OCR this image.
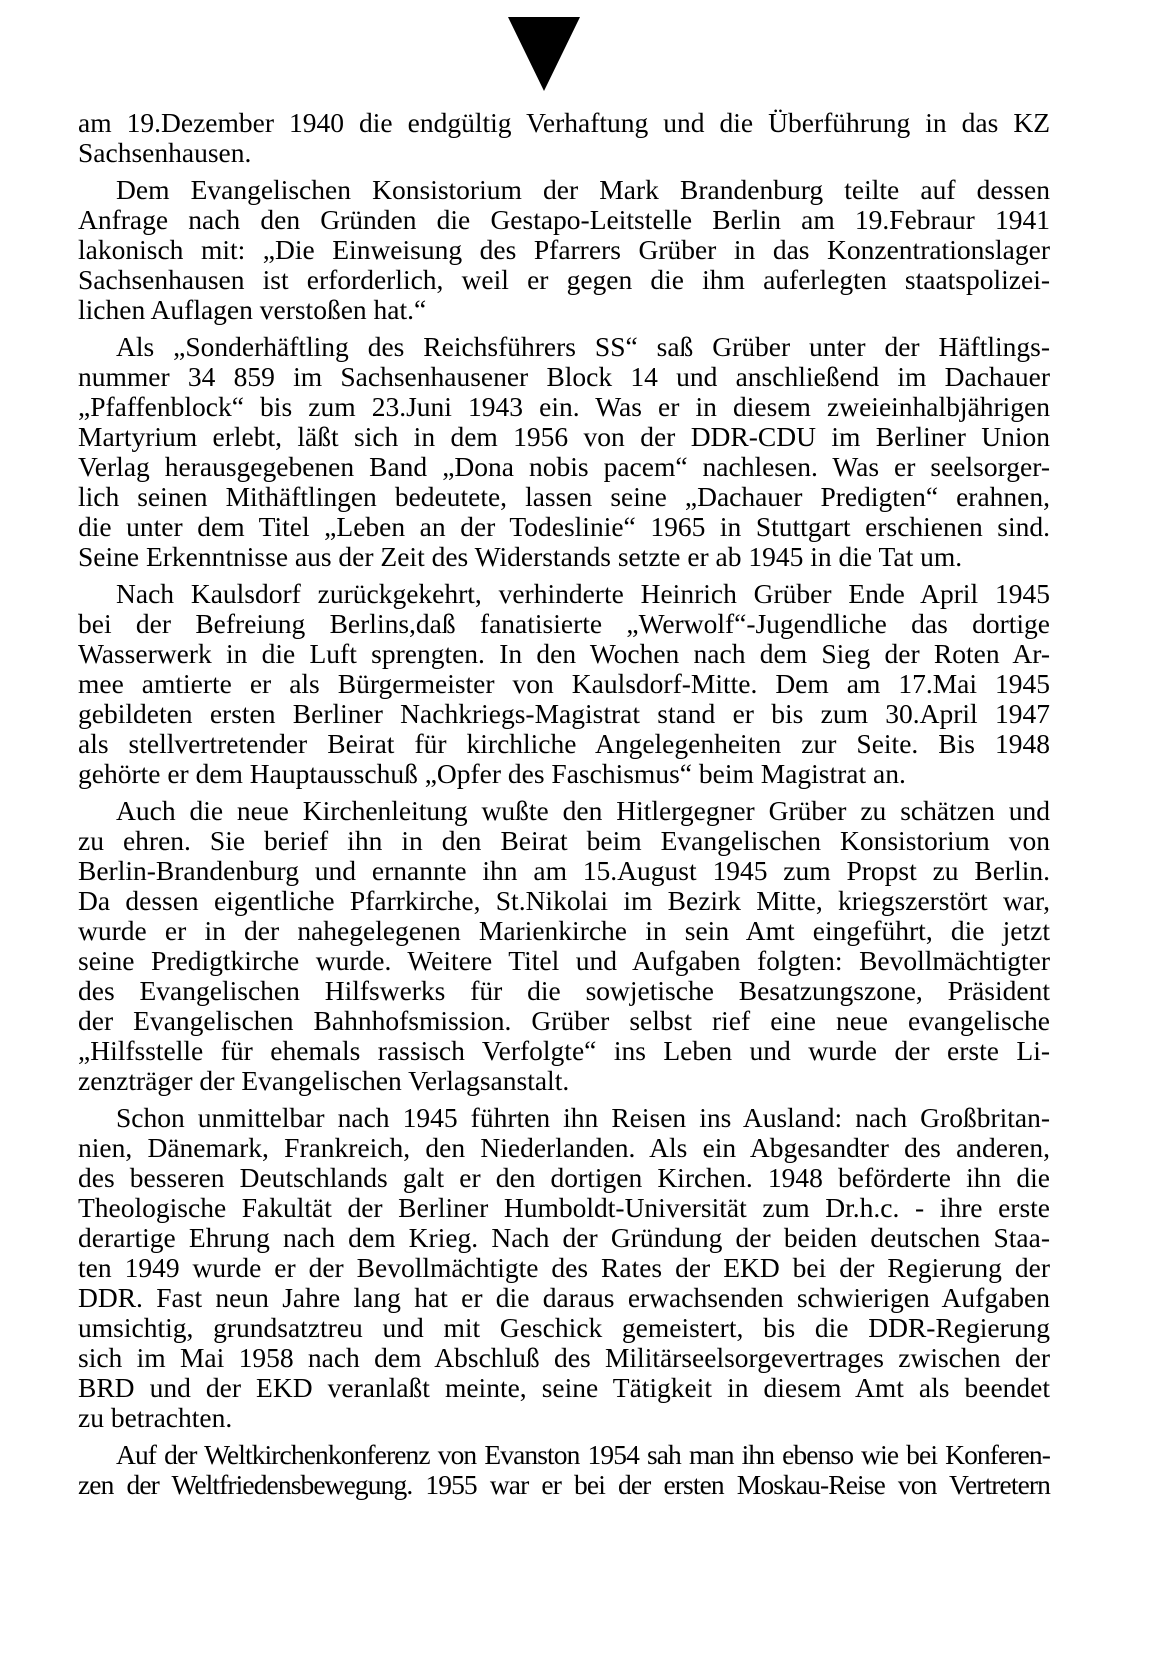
am 19.Dezember 1940 die endgültig Verhaftung und die Überführung in das KZ
Sachsenhausen.
Dem Evangelischen Konsistorium der Mark Brandenburg teilte auf dessen
Anfrage nach den Gründen die Gestapo-Leitstelle Berlin am 19.Febraur 1941
lakonisch mit: „Die Einweisung des Pfarrers Grüber in das Konzentrationslager
Sachsenhausen ist erforderlich, weil er gegen die ihm auferlegten staatspolizei-
lichen Auflagen verstoßen hat.“
Als „Sonderhäftling des Reichsführers SS“ saß Grüber unter der Häftlings-
nummer 34 859 im Sachsenhausener Block 14 und anschließend im Dachauer
„Pfaffenblock“ bis zum 23.Juni 1943 ein. Was er in diesem zweieinhalbjährigen
Martyrium erlebt, läßt sich in dem 1956 von der DDR-CDU im Berliner Union
Verlag herausgegebenen Band „Dona nobis pacem“ nachlesen. Was er seelsorger-
lich seinen Mithäftlingen bedeutete, lassen seine „Dachauer Predigten“ erahnen,
die unter dem Titel „Leben an der Todeslinie“ 1965 in Stuttgart erschienen sind.
Seine Erkenntnisse aus der Zeit des Widerstands setzte er ab 1945 in die Tat um.
Nach Kaulsdorf zurückgekehrt, verhinderte Heinrich Grüber Ende April 1945
bei der Befreiung Berlins,daß fanatisierte „Werwolf“-Jugendliche das dortige
Wasserwerk in die Luft sprengten. In den Wochen nach dem Sieg der Roten Ar-
mee amtierte er als Bürgermeister von Kaulsdorf-Mitte. Dem am 17.Mai 1945
gebildeten ersten Berliner Nachkriegs-Magistrat stand er bis zum 30.April 1947
als stellvertretender Beirat für kirchliche Angelegenheiten zur Seite. Bis 1948
gehörte er dem Hauptausschuß „Opfer des Faschismus“ beim Magistrat an.
Auch die neue Kirchenleitung wußte den Hitlergegner Grüber zu schätzen und
zu ehren. Sie berief ihn in den Beirat beim Evangelischen Konsistorium von
Berlin-Brandenburg und ernannte ihn am 15.August 1945 zum Propst zu Berlin.
Da dessen eigentliche Pfarrkirche, St.Nikolai im Bezirk Mitte, kriegszerstört war,
wurde er in der nahegelegenen Marienkirche in sein Amt eingeführt, die jetzt
seine Predigtkirche wurde. Weitere Titel und Aufgaben folgten: Bevollmächtigter
des Evangelischen Hilfswerks für die sowjetische Besatzungszone, Präsident
der Evangelischen Bahnhofsmission. Grüber selbst rief eine neue evangelische
„Hilfsstelle für ehemals rassisch Verfolgte“ ins Leben und wurde der erste Li-
zenzträger der Evangelischen Verlagsanstalt.
Schon unmittelbar nach 1945 führten ihn Reisen ins Ausland: nach Großbritan-
nien, Dänemark, Frankreich, den Niederlanden. Als ein Abgesandter des anderen,
des besseren Deutschlands galt er den dortigen Kirchen. 1948 beförderte ihn die
Theologische Fakultät der Berliner Humboldt-Universität zum Dr.h.c. - ihre erste
derartige Ehrung nach dem Krieg. Nach der Gründung der beiden deutschen Staa-
ten 1949 wurde er der Bevollmächtigte des Rates der EKD bei der Regierung der
DDR. Fast neun Jahre lang hat er die daraus erwachsenden schwierigen Aufgaben
umsichtig, grundsatztreu und mit Geschick gemeistert, bis die DDR-Regierung
sich im Mai 1958 nach dem Abschluß des Militärseelsorgevertrages zwischen der
BRD und der EKD veranlaßt meinte, seine Tätigkeit in diesem Amt als beendet
zu betrachten.
Auf der Weltkirchenkonferenz von Evanston 1954 sah man ihn ebenso wie bei Konferen-
zen der Weltfriedensbewegung. 1955 war er bei der ersten Moskau-Reise von Vertretern
